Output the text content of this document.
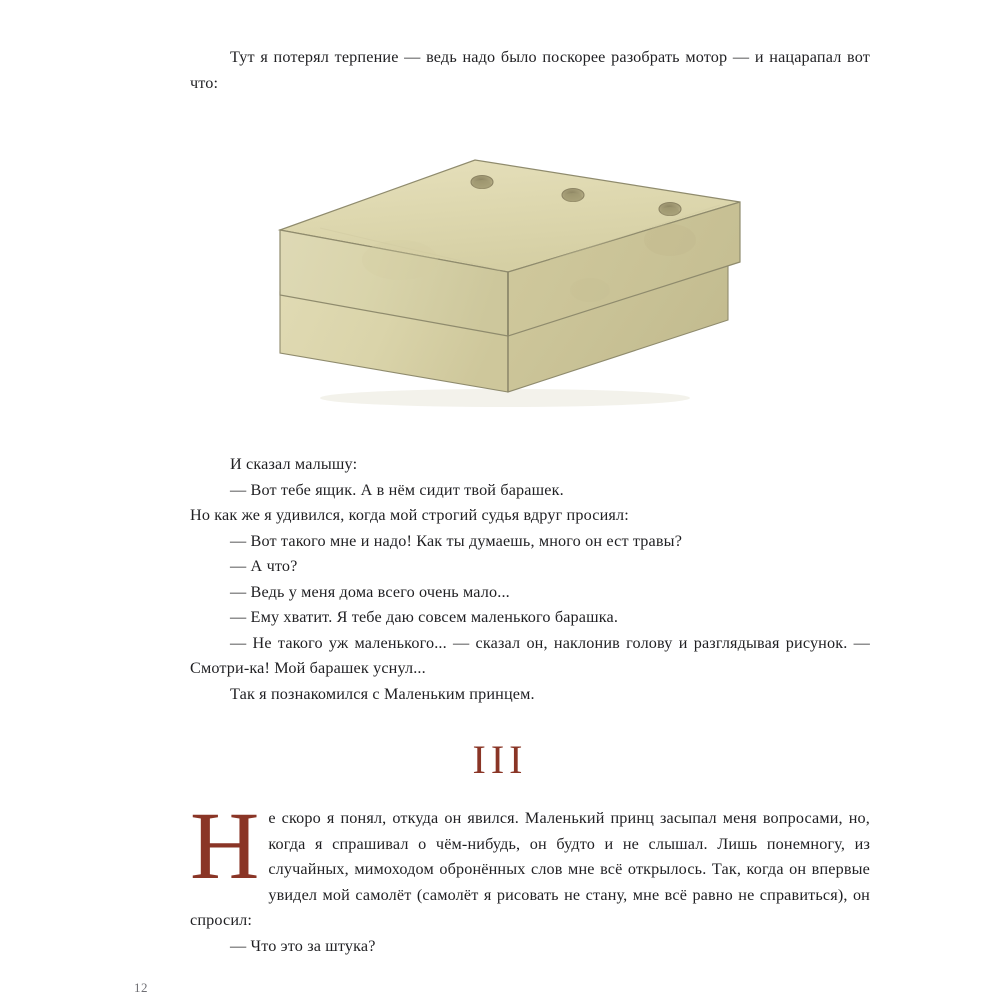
Тут я потерял терпение — ведь надо было поскорее разобрать мотор — и нацарапал вот что:

И сказал малышу:

— Вот тебе ящик. А в нём сидит твой барашек.

Но как же я удивился, когда мой строгий судья вдруг просиял:

— Вот такого мне и надо! Как ты думаешь, много он ест травы?

— А что?

— Ведь у меня дома всего очень мало...

— Ему хватит. Я тебе даю совсем маленького барашка.

— Не такого уж маленького... — сказал он, наклонив голову и разглядывая рисунок. — Смотри-ка! Мой барашек уснул...

Так я познакомился с Маленьким принцем.

III

Не скоро я понял, откуда он явился. Маленький принц засыпал меня вопросами, но, когда я спрашивал о чём-нибудь, он будто и не слышал. Лишь понемногу, из случайных, мимоходом обронённых слов мне всё открылось. Так, когда он впервые увидел мой самолёт (самолёт я рисовать не стану, мне всё равно не справиться), он спросил:

— Что это за штука?

12
